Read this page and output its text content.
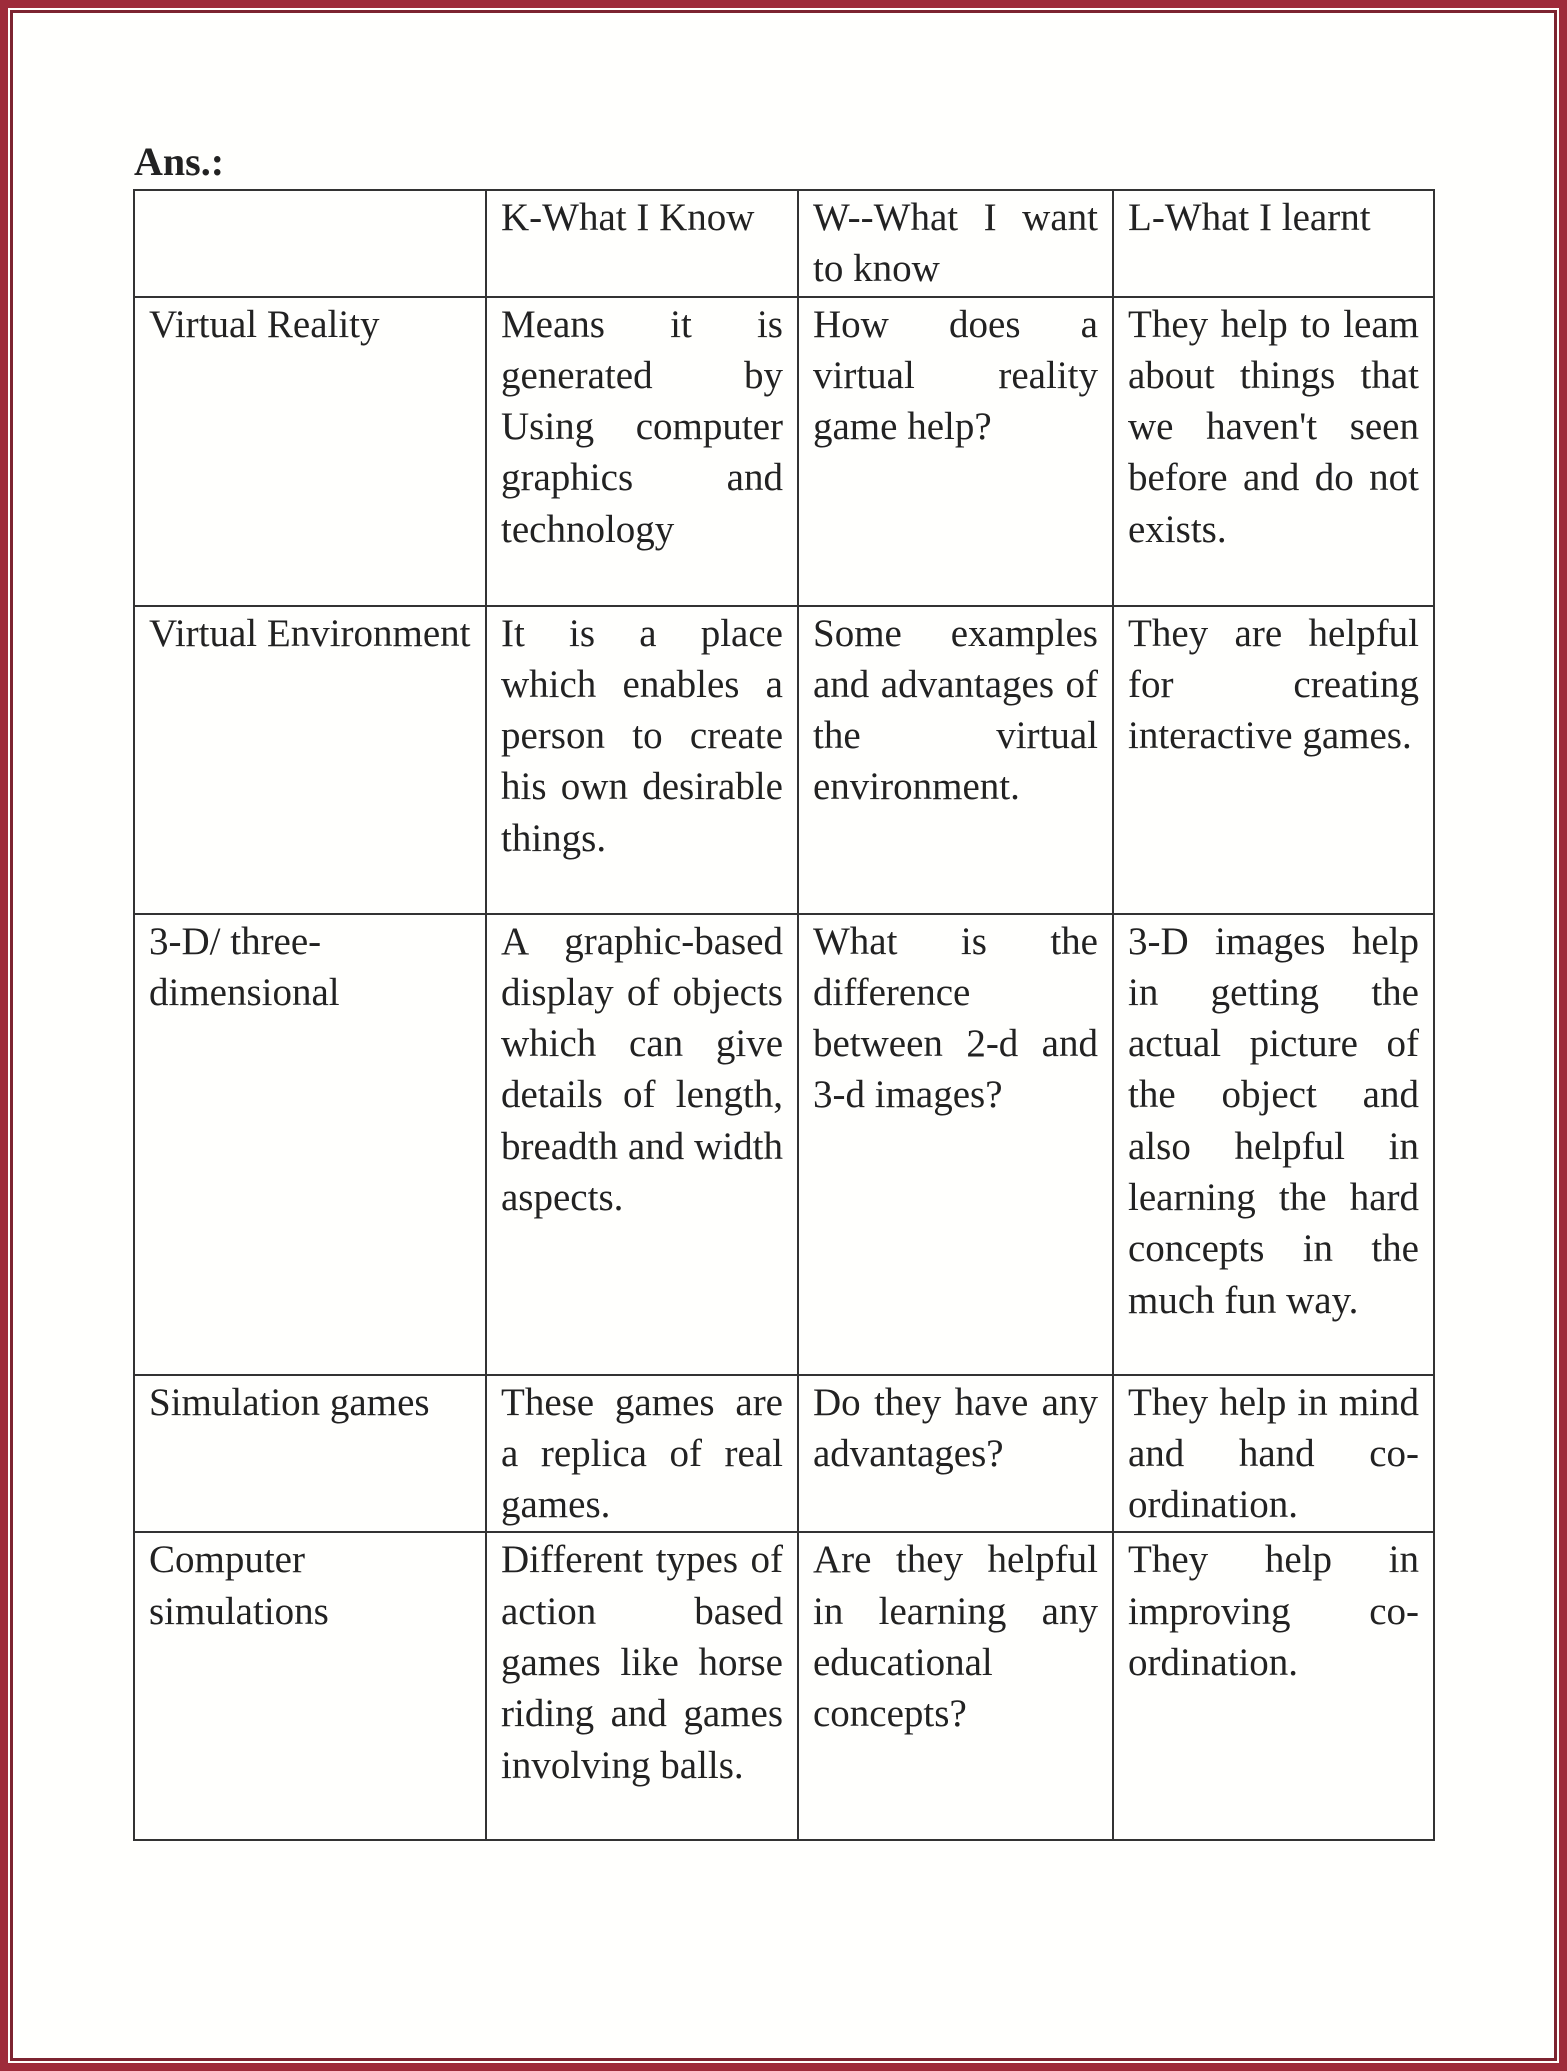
Ans.:
	K-What I Know	W--What I want to know	L-What I learnt
Virtual Reality	Means it is generated by Using computer graphics and technology	How does a virtual reality game help?	They help to leam about things that we haven't seen before and do not exists.
Virtual Environment	It is a place which enables a person to create his own desirable things.	Some examples and advantages of the virtual environment.	They are helpful for creating interactive games.
3-D/ three-dimensional	A graphic-based display of objects which can give details of length, breadth and width aspects.	What is the difference between 2-d and 3-d images?	3-D images help in getting the actual picture of the object and also helpful in learning the hard concepts in the much fun way.
Simulation games	These games are a replica of real games.	Do they have any advantages?	They help in mind and hand co-ordination.
Computer simulations	Different types of action based games like horse riding and games involving balls.	Are they helpful in learning any educational concepts?	They help in improving co-ordination.
